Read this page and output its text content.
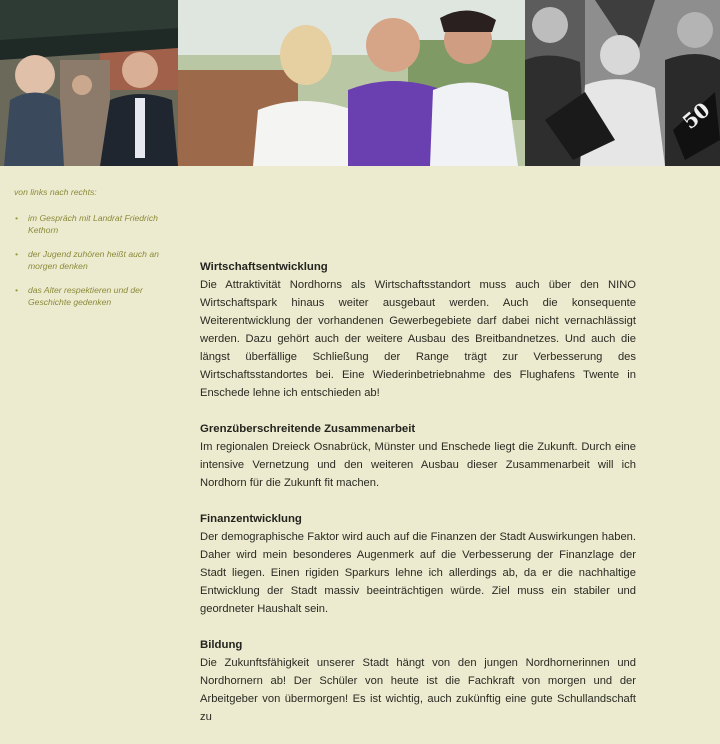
50
von links nach rechts:
• im Gespräch mit Landrat Friedrich Kethorn
• der Jugend zuhören heißt auch an morgen denken
• das Alter respektieren und der Geschichte gedenken
Wirtschaftsentwicklung

Die Attraktivität Nordhorns als Wirtschaftsstandort muss auch über den NINO Wirtschaftspark hinaus weiter ausgebaut werden. Auch die konsequente Weiterentwicklung der vorhandenen Gewerbegebiete darf dabei nicht vernachlässigt werden. Dazu gehört auch der weitere Ausbau des Breitbandnetzes. Und auch die längst überfällige Schließung der Range trägt zur Verbesserung des Wirtschaftsstandortes bei. Eine Wiederinbetriebnahme des Flughafens Twente in Enschede lehne ich entschieden ab!

Grenzüberschreitende Zusammenarbeit

Im regionalen Dreieck Osnabrück, Münster und Enschede liegt die Zukunft. Durch eine intensive Vernetzung und den weiteren Ausbau dieser Zusammenarbeit will ich Nordhorn für die Zukunft fit machen.

Finanzentwicklung

Der demographische Faktor wird auch auf die Finanzen der Stadt Auswirkungen haben. Daher wird mein besonderes Augenmerk auf die Verbesserung der Finanzlage der Stadt liegen. Einen rigiden Sparkurs lehne ich allerdings ab, da er die nachhaltige Entwicklung der Stadt massiv beeinträchtigen würde. Ziel muss ein stabiler und geordneter Haushalt sein.

Bildung

Die Zukunftsfähigkeit unserer Stadt hängt von den jungen Nordhornerinnen und Nordhornern ab! Der Schüler von heute ist die Fachkraft von morgen und der Arbeitgeber von übermorgen! Es ist wichtig, auch zukünftig eine gute Schullandschaft zu
